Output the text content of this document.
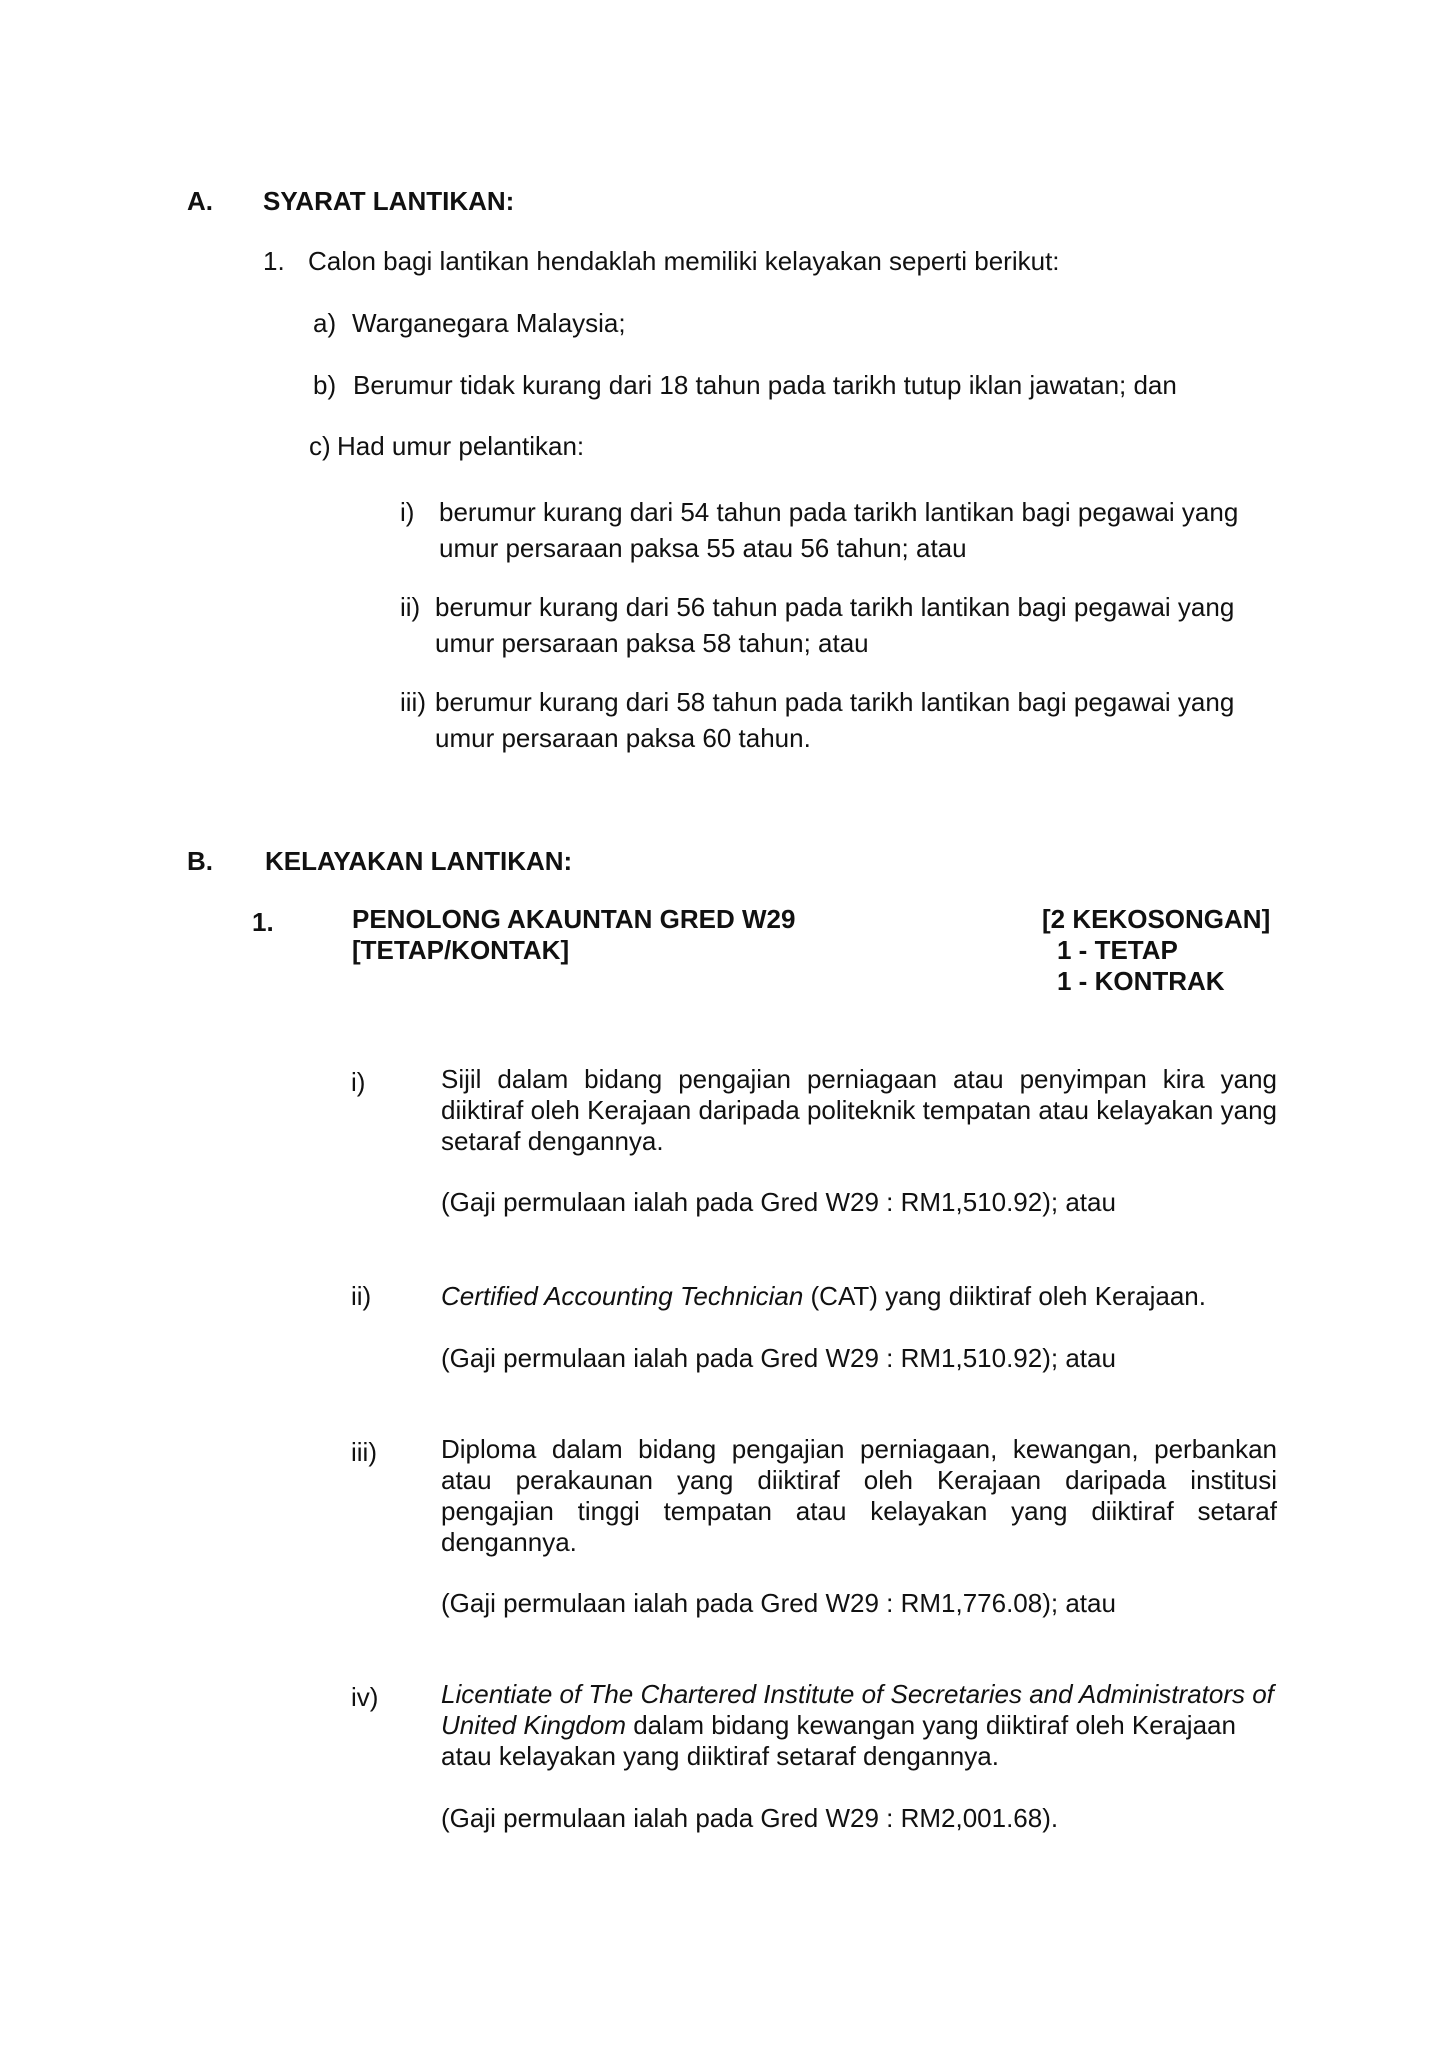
A. SYARAT LANTIKAN:
1. Calon bagi lantikan hendaklah memiliki kelayakan seperti berikut:
a) Warganegara Malaysia;
b) Berumur tidak kurang dari 18 tahun pada tarikh tutup iklan jawatan; dan
c) Had umur pelantikan:
i) berumur kurang dari 54 tahun pada tarikh lantikan bagi pegawai yang
umur persaraan paksa 55 atau 56 tahun; atau
ii) berumur kurang dari 56 tahun pada tarikh lantikan bagi pegawai yang
umur persaraan paksa 58 tahun; atau
iii) berumur kurang dari 58 tahun pada tarikh lantikan bagi pegawai yang
umur persaraan paksa 60 tahun.
B. KELAYAKAN LANTIKAN:
1.	PENOLONG AKAUNTAN GRED W29
[TETAP/KONTAK]
[2 KEKOSONGAN]
1 - TETAP
1 - KONTRAK
i)	Sijil dalam bidang pengajian perniagaan atau penyimpan kira yang diiktiraf oleh Kerajaan daripada politeknik tempatan atau kelayakan yang setaraf dengannya.

(Gaji permulaan ialah pada Gred W29 : RM1,510.92); atau
ii)	Certified Accounting Technician (CAT) yang diiktiraf oleh Kerajaan.

(Gaji permulaan ialah pada Gred W29 : RM1,510.92); atau
iii) Diploma dalam bidang pengajian perniagaan, kewangan, perbankan atau perakaunan yang diiktiraf oleh Kerajaan daripada institusi pengajian tinggi tempatan atau kelayakan yang diiktiraf setaraf dengannya.

(Gaji permulaan ialah pada Gred W29 : RM1,776.08); atau
iv) Licentiate of The Chartered Institute of Secretaries and Administrators of United Kingdom dalam bidang kewangan yang diiktiraf oleh Kerajaan atau kelayakan yang diiktiraf setaraf dengannya.

(Gaji permulaan ialah pada Gred W29 : RM2,001.68).
